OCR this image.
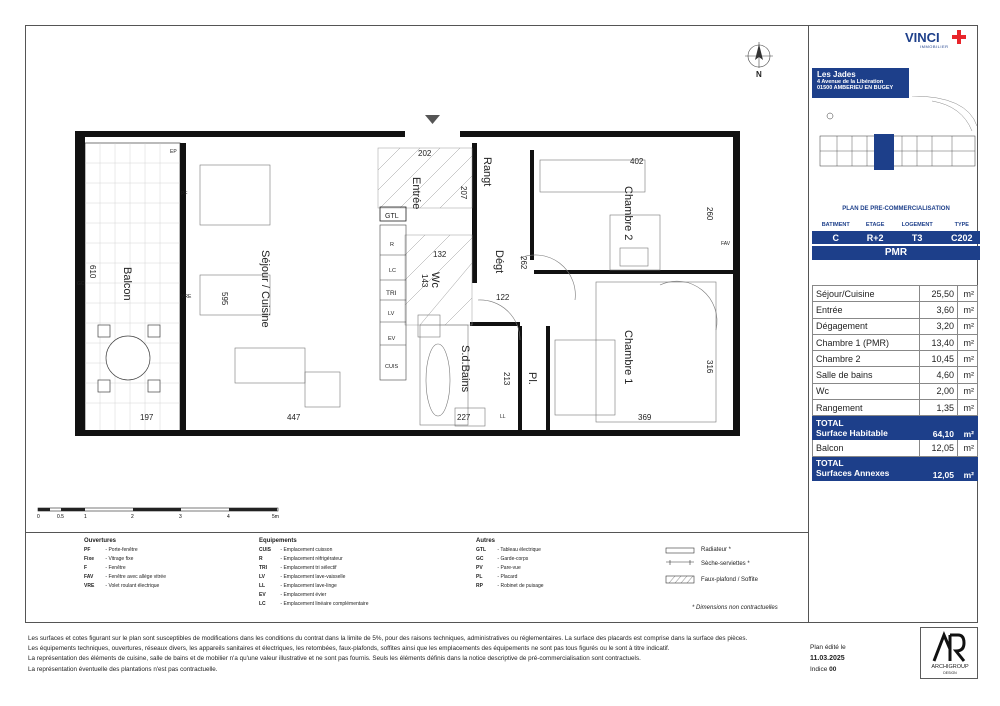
N
GTL
R
LC
TRI
LV
EV
CUIS
PF
VRE
FAV
GC
EP
LL
Séjour / Cuisine
Balcon
Entrée
Rangt
Chambre 2
Chambre 1
Dégt
Wc
S.d.Bains	Pl.
202
207
402
260
132
143
262
122
595
610
197	447	227
213
369
316
0	0.5	1	2	3	4	5m
VINCI
IMMOBILIER
Les Jades
4 Avenue de la Libération
01500 AMBERIEU EN BUGEY
PLAN DE PRE-COMMERCIALISATION
BATIMENT	ETAGE	LOGEMENT	TYPE
C	R+2	T3	C202
PMR
Séjour/Cuisine	25,50	m²
Entrée	3,60	m²
Dégagement	3,20	m²
Chambre 1 (PMR)	13,40	m²
Chambre 2	10,45	m²
Salle de bains	4,60	m²
Wc	2,00	m²
Rangement	1,35	m²
TOTAL
Surface Habitable	64,10	m²
Balcon	12,05	m²
TOTAL
Surfaces Annexes	12,05	m²
Ouvertures
PF	- Porte-fenêtre
Fixe - Vitrage fixe
F	- Fenêtre
FAV - Fenêtre avec allège vitrée
VRE - Volet roulant électrique
Equipements
CUIS - Emplacement cuisson
R	- Emplacement réfrigérateur
TRI - Emplacement tri sélectif
LV	- Emplacement lave-vaisselle
LL	- Emplacement lave-linge
EV	- Emplacement évier
LC	- Emplacement linéaire complémentaire
Autres
GTL - Tableau électrique
GC	- Garde-corps
PV	- Pare-vue
PL	- Placard
RP	- Robinet de puisage
Radiateur *
Sèche-serviettes *
Faux-plafond / Soffite
* Dimensions non contractuelles
Les surfaces et cotes figurant sur le plan sont susceptibles de modifications dans les conditions du contrat dans la limite de 5%, pour des raisons techniques, administratives ou réglementaires. La surface des placards est comprise dans la surface des pièces.
Les équipements techniques, ouvertures, réseaux divers, les appareils sanitaires et électriques, les retombées, faux-plafonds, soffites ainsi que les emplacements des équipements ne sont pas tous figurés ou le sont à titre indicatif.
La représentation des éléments de cuisine, salle de bains et de mobilier n'a qu'une valeur illustrative et ne sont pas fournis. Seuls les éléments définis dans la notice descriptive de pré-commercialisation sont contractuels.
La représentation éventuelle des plantations n'est pas contractuelle.
Plan édité le
11.03.2025
Indice 00	ARCHIGROUP
DESIGN
